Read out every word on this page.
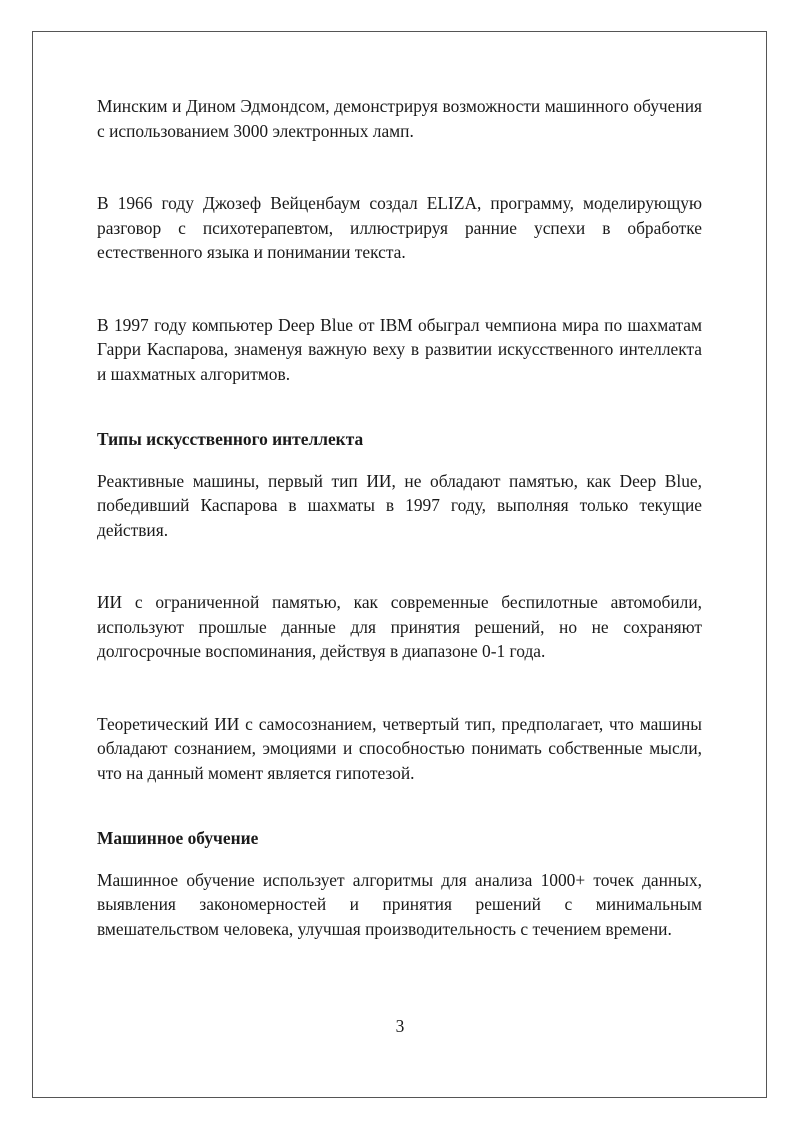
Минским и Дином Эдмондсом, демонстрируя возможности машинного обучения с использованием 3000 электронных ламп.

В 1966 году Джозеф Вейценбаум создал ELIZA, программу, моделирующую разговор с психотерапевтом, иллюстрируя ранние успехи в обработке естественного языка и понимании текста.

В 1997 году компьютер Deep Blue от IBM обыграл чемпиона мира по шахматам Гарри Каспарова, знаменуя важную веху в развитии искусственного интеллекта и шахматных алгоритмов.

Типы искусственного интеллекта

Реактивные машины, первый тип ИИ, не обладают памятью, как Deep Blue, победивший Каспарова в шахматы в 1997 году, выполняя только текущие действия.

ИИ с ограниченной памятью, как современные беспилотные автомобили, используют прошлые данные для принятия решений, но не сохраняют долгосрочные воспоминания, действуя в диапазоне 0-1 года.

Теоретический ИИ с самосознанием, четвертый тип, предполагает, что машины обладают сознанием, эмоциями и способностью понимать собственные мысли, что на данный момент является гипотезой.

Машинное обучение

Машинное обучение использует алгоритмы для анализа 1000+ точек данных, выявления закономерностей и принятия решений с минимальным вмешательством человека, улучшая производительность с течением времени.

3
